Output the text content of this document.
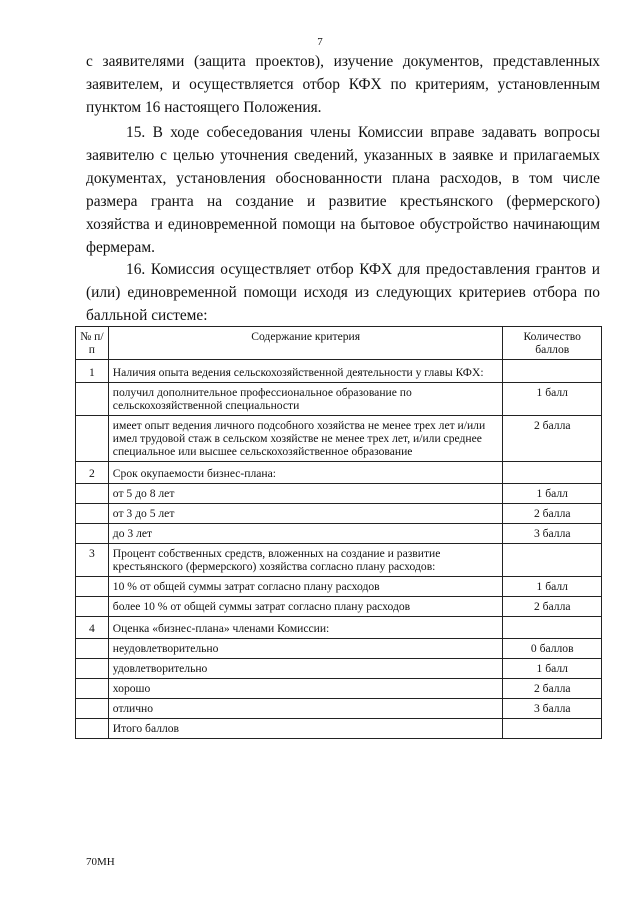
7

с заявителями (защита проектов), изучение документов, представленных заявителем, и осуществляется отбор КФХ по критериям, установленным пунктом 16 настоящего Положения.

15. В ходе собеседования члены Комиссии вправе задавать вопросы заявителю с целью уточнения сведений, указанных в заявке и прилагаемых документах, установления обоснованности плана расходов, в том числе размера гранта на создание и развитие крестьянского (фермерского) хозяйства и единовременной помощи на бытовое обустройство начинающим фермерам.

16. Комиссия осуществляет отбор КФХ для предоставления грантов и (или) единовременной помощи исходя из следующих критериев отбора по балльной системе:

№ п/п	Содержание критерия	Количество баллов
1	Наличия опыта ведения сельскохозяйственной деятельности у главы КФХ:	
	получил дополнительное профессиональное образование по сельскохозяйственной специальности	1 балл
	имеет опыт ведения личного подсобного хозяйства не менее трех лет и/или имел трудовой стаж в сельском хозяйстве не менее трех лет, и/или среднее специальное или высшее сельскохозяйственное образование	2 балла
2	Срок окупаемости бизнес-плана:	
	от 5 до 8 лет	1 балл
	от 3 до 5 лет	2 балла
	до 3 лет	3 балла
3	Процент собственных средств, вложенных на создание и развитие крестьянского (фермерского) хозяйства согласно плану расходов:	
	10 % от общей суммы затрат согласно плану расходов	1 балл
	более 10 % от общей суммы затрат согласно плану расходов	2 балла
4	Оценка «бизнес-плана» членами Комиссии:	
	неудовлетворительно	0 баллов
	удовлетворительно	1 балл
	хорошо	2 балла
	отлично	3 балла
	Итого баллов	
70МН
